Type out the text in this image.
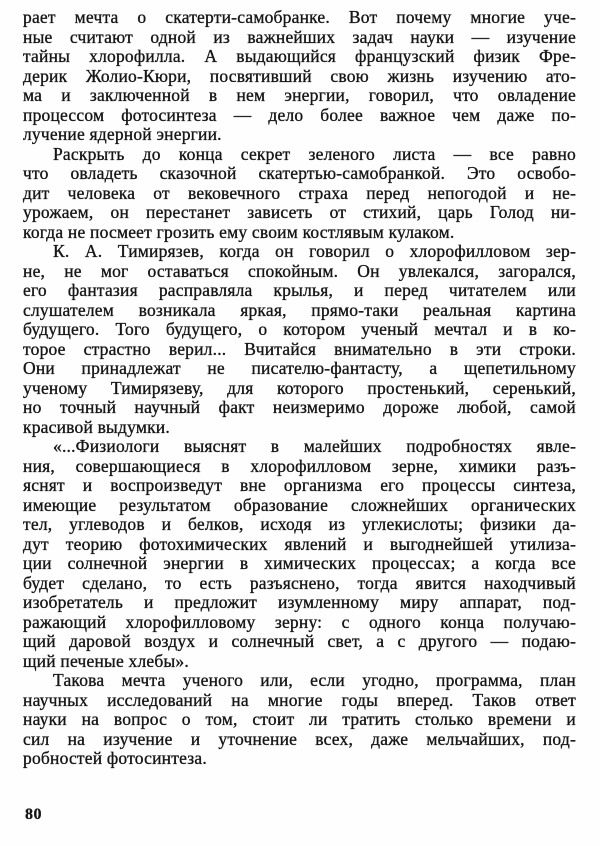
рает мечта о скатерти-самобранке. Вот почему многие уче-
ные считают одной из важнейших задач науки — изучение
тайны хлорофилла. А выдающийся французский физик Фре-
дерик Жолио-Кюри, посвятивший свою жизнь изучению ато-
ма и заключенной в нем энергии, говорил, что овладение
процессом фотосинтеза — дело более важное чем даже по-
лучение ядерной энергии.
Раскрыть до конца секрет зеленого листа — все равно
что овладеть сказочной скатертью-самобранкой. Это освобо-
дит человека от вековечного страха перед непогодой и не-
урожаем, он перестанет зависеть от стихий, царь Голод ни-
когда не посмеет грозить ему своим костлявым кулаком.
К. А. Тимирязев, когда он говорил о хлорофилловом зер-
не, не мог оставаться спокойным. Он увлекался, загорался,
его фантазия расправляла крылья, и перед читателем или
слушателем возникала яркая, прямо-таки реальная картина
будущего. Того будущего, о котором ученый мечтал и в ко-
торое страстно верил... Вчитайся внимательно в эти строки.
Они принадлежат не писателю-фантасту, а щепетильному
ученому Тимирязеву, для которого простенький, серенький,
но точный научный факт неизмеримо дороже любой, самой
красивой выдумки.
«...Физиологи выяснят в малейших подробностях явле-
ния, совершающиеся в хлорофилловом зерне, химики разъ-
яснят и воспроизведут вне организма его процессы синтеза,
имеющие результатом образование сложнейших органических
тел, углеводов и белков, исходя из углекислоты; физики да-
дут теорию фотохимических явлений и выгоднейшей утилиза-
ции солнечной энергии в химических процессах; а когда все
будет сделано, то есть разъяснено, тогда явится находчивый
изобретатель и предложит изумленному миру аппарат, под-
ражающий хлорофилловому зерну: с одного конца получаю-
щий даровой воздух и солнечный свет, а с другого — подаю-
щий печеные хлебы».
Такова мечта ученого или, если угодно, программа, план
научных исследований на многие годы вперед. Таков ответ
науки на вопрос о том, стоит ли тратить столько времени и
сил на изучение и уточнение всех, даже мельчайших, под-
робностей фотосинтеза.
80
